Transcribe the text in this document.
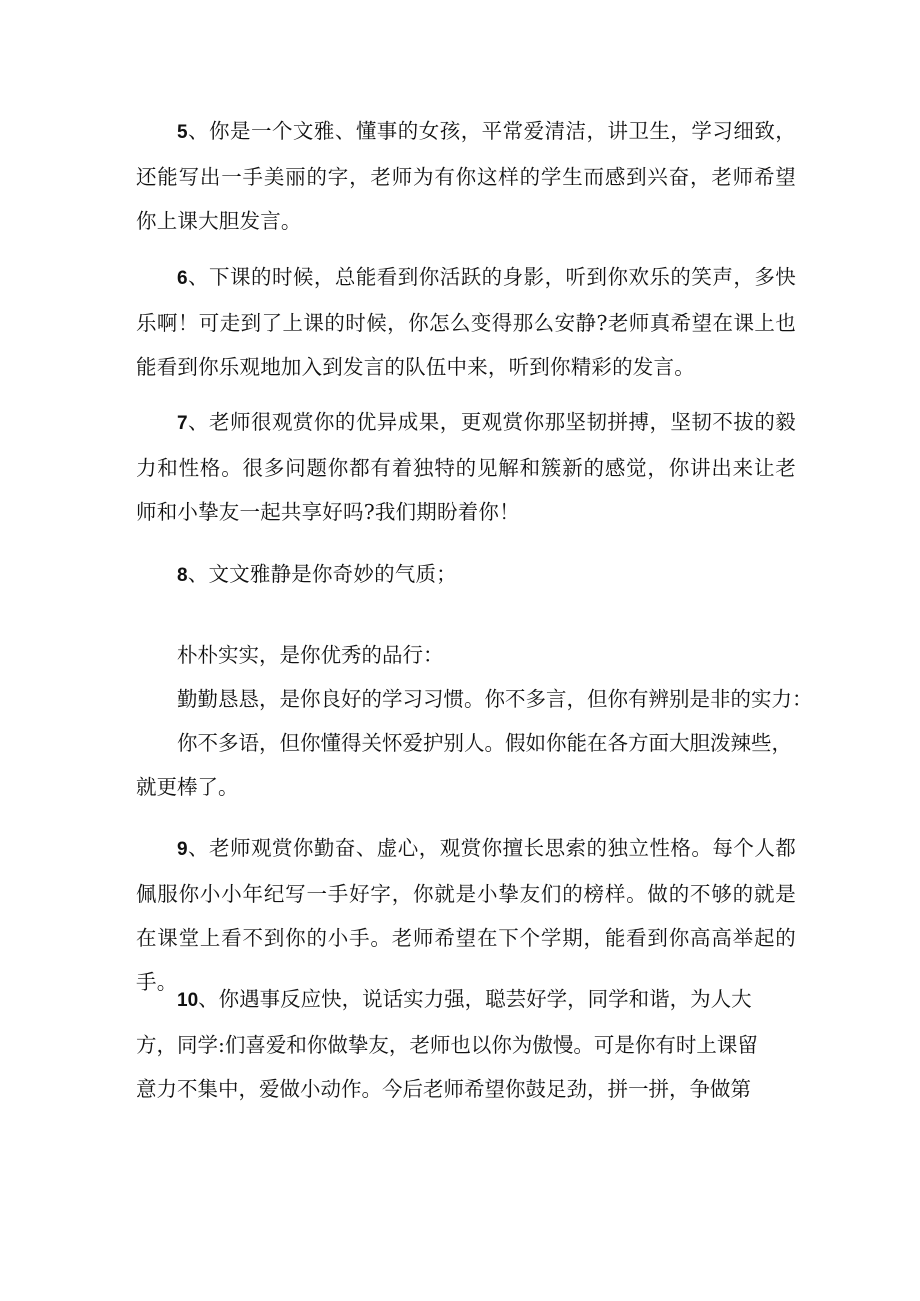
5、你是一个文雅、懂事的女孩，平常爱清洁，讲卫生，学习细致，还能写出一手美丽的字，老师为有你这样的学生而感到兴奋，老师希望你上课大胆发言。

6、下课的时候，总能看到你活跃的身影，听到你欢乐的笑声，多快乐啊！可走到了上课的时候，你怎么变得那么安静?老师真希望在课上也能看到你乐观地加入到发言的队伍中来，听到你精彩的发言。

7、老师很观赏你的优异成果，更观赏你那坚韧拼搏，坚韧不拔的毅力和性格。很多问题你都有着独特的见解和簇新的感觉，你讲出来让老师和小挚友一起共享好吗?我们期盼着你！

8、文文雅静是你奇妙的气质；

朴朴实实，是你优秀的品行：
勤勤恳恳，是你良好的学习习惯。你不多言，但你有辨别是非的实力：
你不多语，但你懂得关怀爱护别人。假如你能在各方面大胆泼辣些，
就更棒了。

9、老师观赏你勤奋、虚心，观赏你擅长思索的独立性格。每个人都佩服你小小年纪写一手好字，你就是小挚友们的榜样。做的不够的就是在课堂上看不到你的小手。老师希望在下个学期，能看到你高高举起的手。

10、你遇事反应快，说话实力强，聪芸好学，同学和谐，为人大
方，同学:们喜爱和你做挚友，老师也以你为傲慢。可是你有时上课留
意力不集中，爱做小动作。今后老师希望你鼓足劲，拼一拼，争做第
